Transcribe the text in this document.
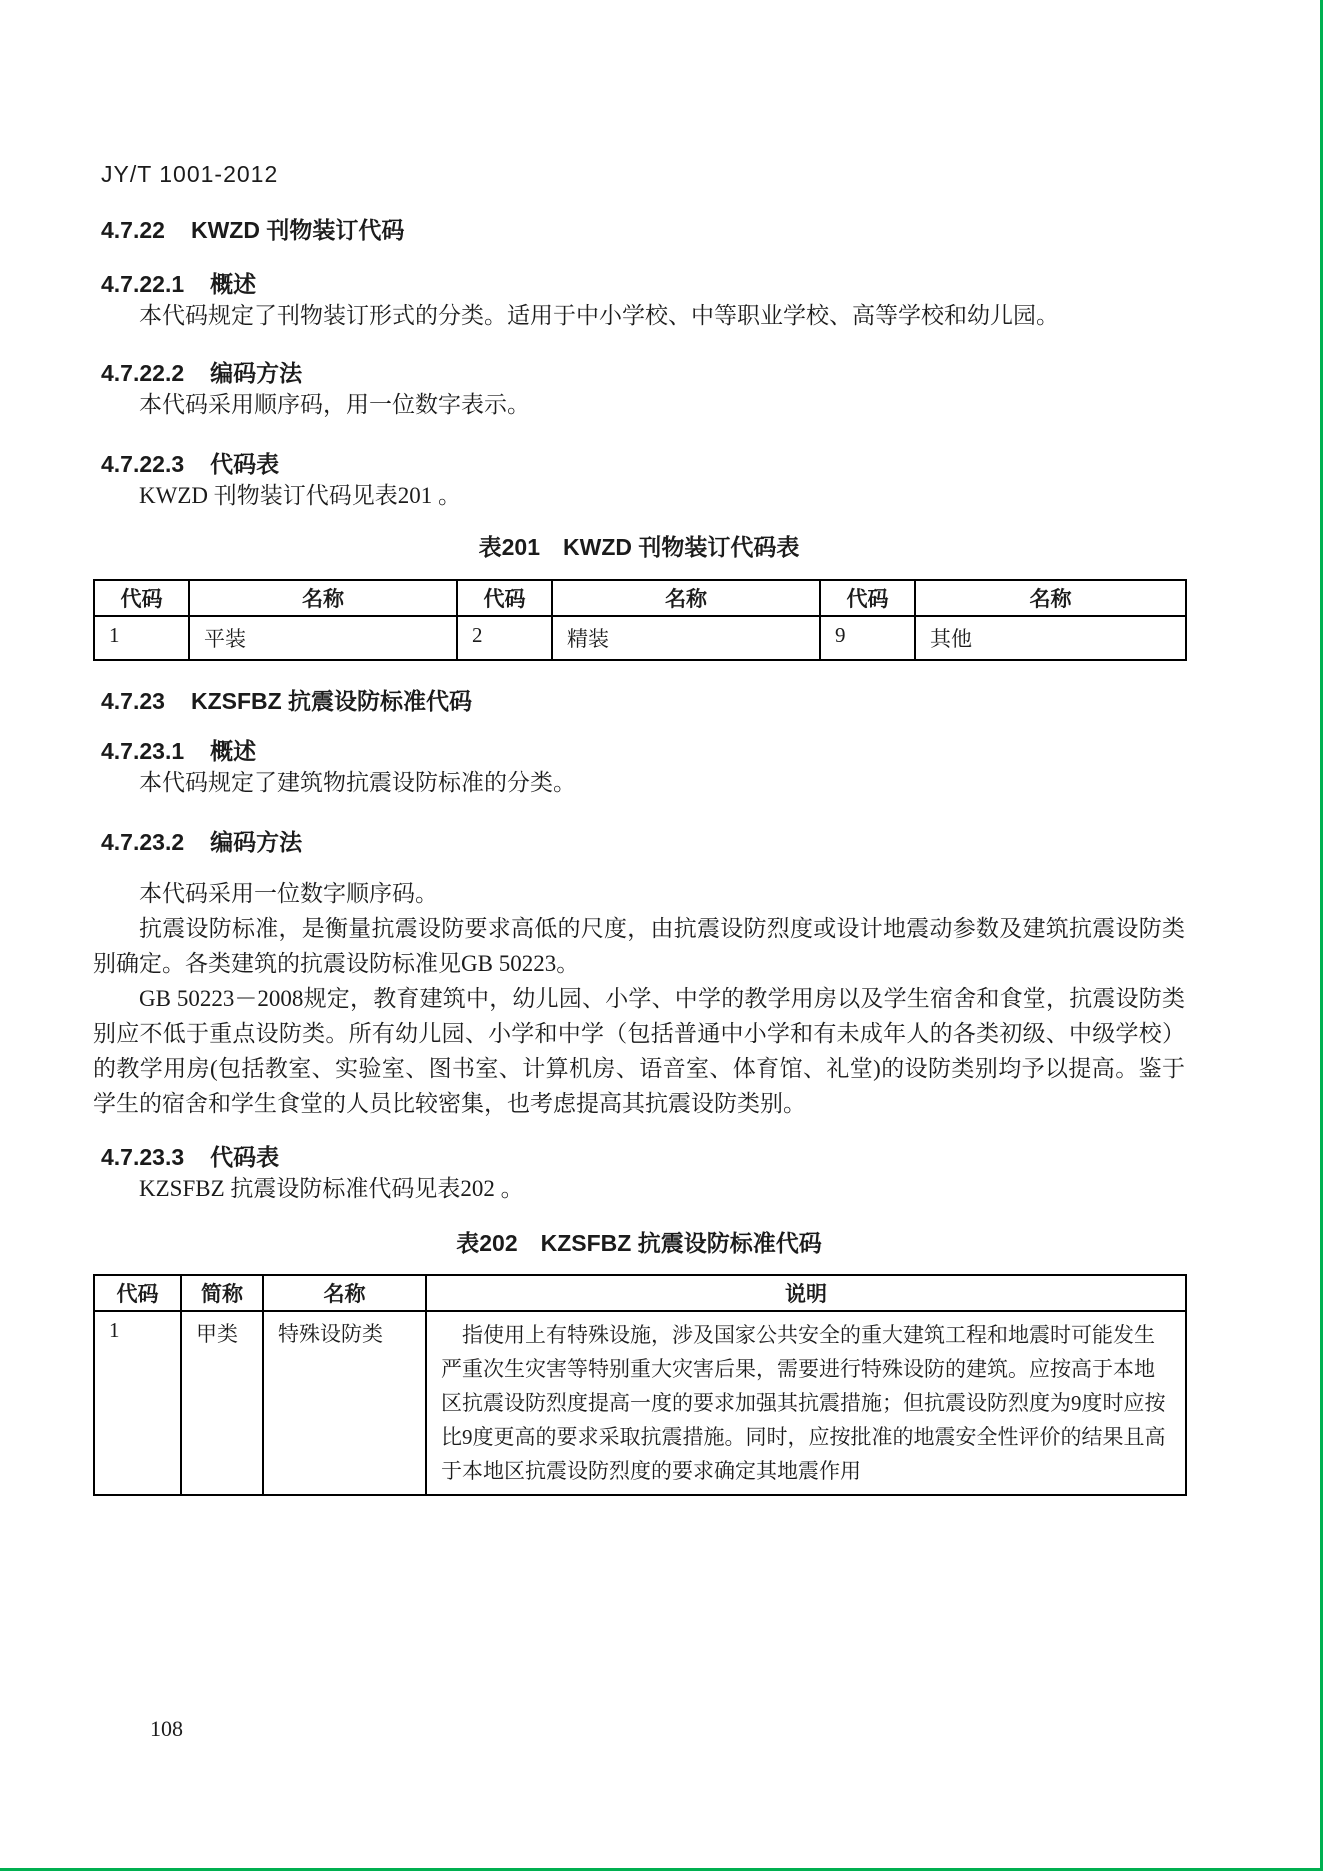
JY/T 1001-2012
4.7.22 KWZD 刊物装订代码
4.7.22.1 概述

本代码规定了刊物装订形式的分类。适用于中小学校、中等职业学校、高等学校和幼儿园。

4.7.22.2 编码方法

本代码采用顺序码，用一位数字表示。

4.7.22.3 代码表

KWZD 刊物装订代码见表201 。

表201　KWZD 刊物装订代码表

代码	名称	代码	名称	代码	名称
1	平装	2	精装	9	其他
4.7.23 KZSFBZ 抗震设防标准代码
4.7.23.1 概述

本代码规定了建筑物抗震设防标准的分类。

4.7.23.2 编码方法

本代码采用一位数字顺序码。

抗震设防标准，是衡量抗震设防要求高低的尺度，由抗震设防烈度或设计地震动参数及建筑抗震设防类别确定。各类建筑的抗震设防标准见GB 50223。

GB 50223－2008规定，教育建筑中，幼儿园、小学、中学的教学用房以及学生宿舍和食堂，抗震设防类别应不低于重点设防类。所有幼儿园、小学和中学（包括普通中小学和有未成年人的各类初级、中级学校）的教学用房(包括教室、实验室、图书室、计算机房、语音室、体育馆、礼堂)的设防类别均予以提高。鉴于学生的宿舍和学生食堂的人员比较密集，也考虑提高其抗震设防类别。

4.7.23.3 代码表

KZSFBZ 抗震设防标准代码见表202 。

表202　KZSFBZ 抗震设防标准代码

代码	简称	名称	说明
1	甲类	特殊设防类	指使用上有特殊设施，涉及国家公共安全的重大建筑工程和地震时可能发生严重次生灾害等特别重大灾害后果，需要进行特殊设防的建筑。应按高于本地区抗震设防烈度提高一度的要求加强其抗震措施；但抗震设防烈度为9度时应按比9度更高的要求采取抗震措施。同时，应按批准的地震安全性评价的结果且高于本地区抗震设防烈度的要求确定其地震作用
108
